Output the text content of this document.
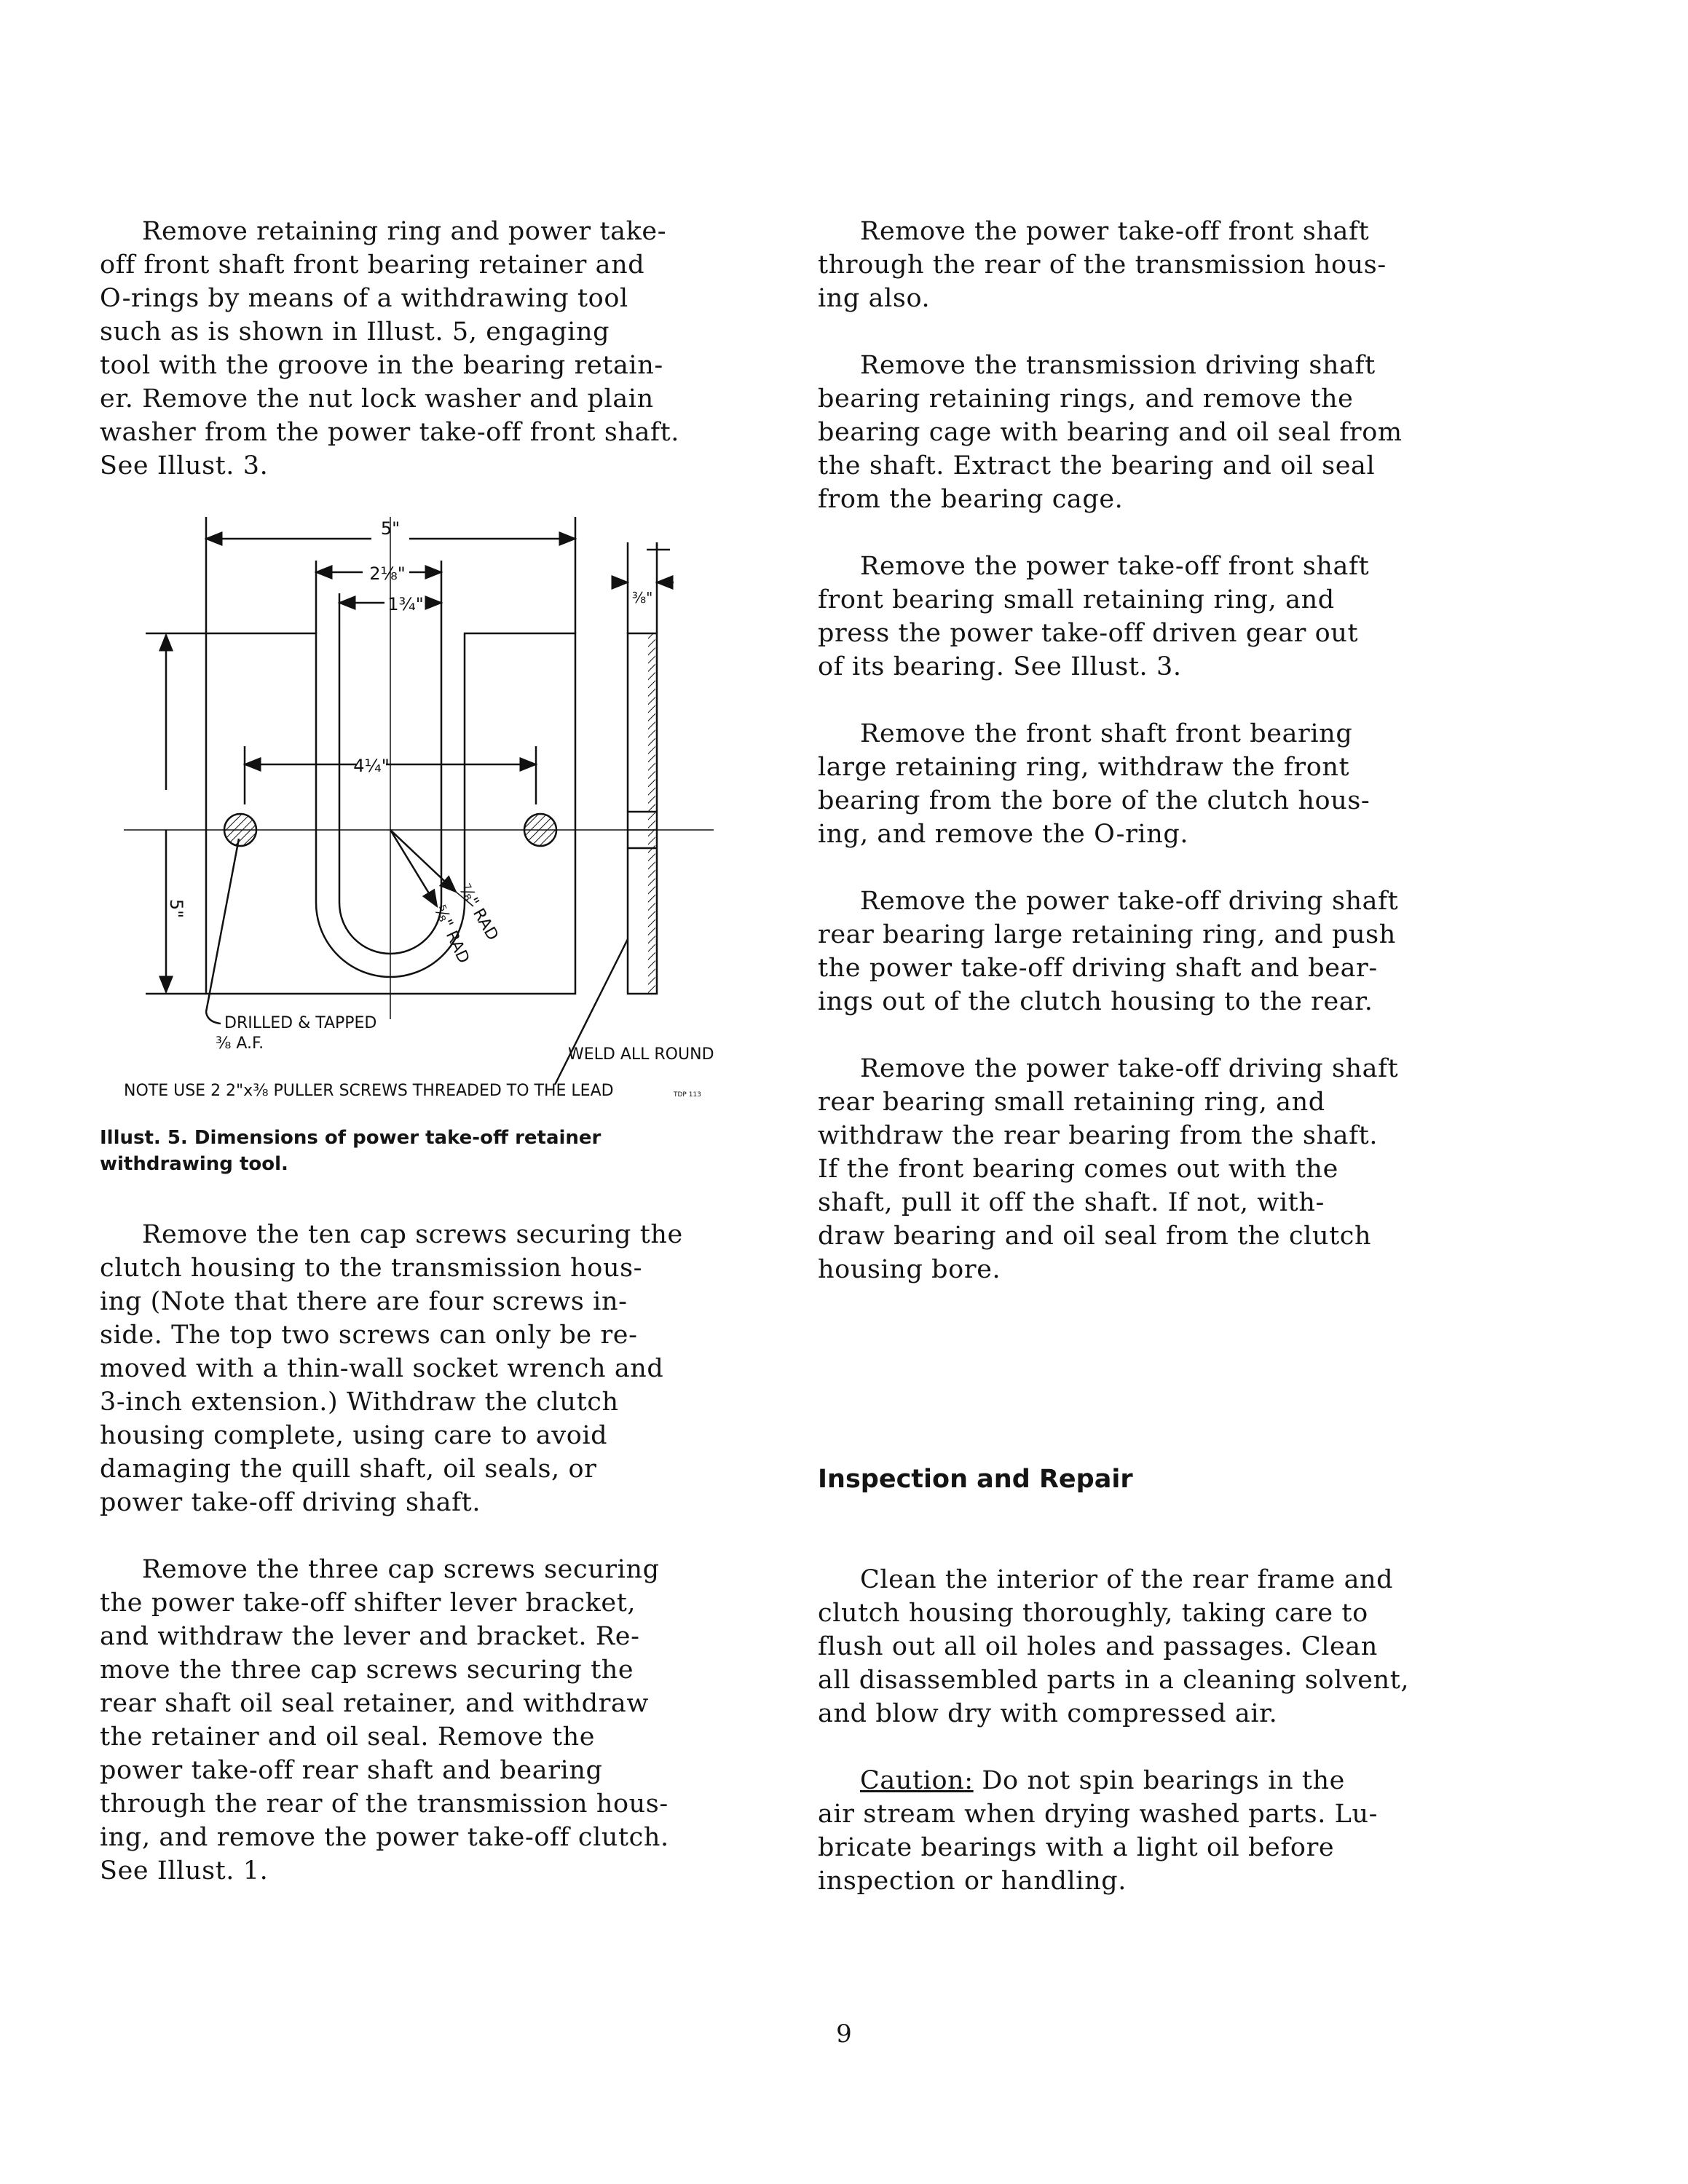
Remove retaining ring and power take-
off front shaft front bearing retainer and
O-rings by means of a withdrawing tool
such as is shown in Illust. 5, engaging
tool with the groove in the bearing retain-
er. Remove the nut lock washer and plain
washer from the power take-off front shaft.
See Illust. 3.

5"
2⅛"
1¾"	⅜"
4¼"
5"	⅞" RAD
⅝" RAD
DRILLED & TAPPED
⅜ A.F.
WELD ALL ROUND
NOTE USE 2 2"x⅜ PULLER SCREWS THREADED TO THE LEAD	TDP 113

Illust. 5. Dimensions of power take-off retainer
withdrawing tool.

Remove the ten cap screws securing the
clutch housing to the transmission hous-
ing (Note that there are four screws in-
side. The top two screws can only be re-
moved with a thin-wall socket wrench and
3-inch extension.) Withdraw the clutch
housing complete, using care to avoid
damaging the quill shaft, oil seals, or
power take-off driving shaft.

Remove the three cap screws securing
the power take-off shifter lever bracket,
and withdraw the lever and bracket. Re-
move the three cap screws securing the
rear shaft oil seal retainer, and withdraw
the retainer and oil seal. Remove the
power take-off rear shaft and bearing
through the rear of the transmission hous-
ing, and remove the power take-off clutch.
See Illust. 1.

Remove the power take-off front shaft
through the rear of the transmission hous-
ing also.

Remove the transmission driving shaft
bearing retaining rings, and remove the
bearing cage with bearing and oil seal from
the shaft. Extract the bearing and oil seal
from the bearing cage.

Remove the power take-off front shaft
front bearing small retaining ring, and
press the power take-off driven gear out
of its bearing. See Illust. 3.

Remove the front shaft front bearing
large retaining ring, withdraw the front
bearing from the bore of the clutch hous-
ing, and remove the O-ring.

Remove the power take-off driving shaft
rear bearing large retaining ring, and push
the power take-off driving shaft and bear-
ings out of the clutch housing to the rear.

Remove the power take-off driving shaft
rear bearing small retaining ring, and
withdraw the rear bearing from the shaft.
If the front bearing comes out with the
shaft, pull it off the shaft. If not, with-
draw bearing and oil seal from the clutch
housing bore.

Inspection and Repair

Clean the interior of the rear frame and
clutch housing thoroughly, taking care to
flush out all oil holes and passages. Clean
all disassembled parts in a cleaning solvent,
and blow dry with compressed air.

Caution: Do not spin bearings in the
air stream when drying washed parts. Lu-
bricate bearings with a light oil before
inspection or handling.

9
